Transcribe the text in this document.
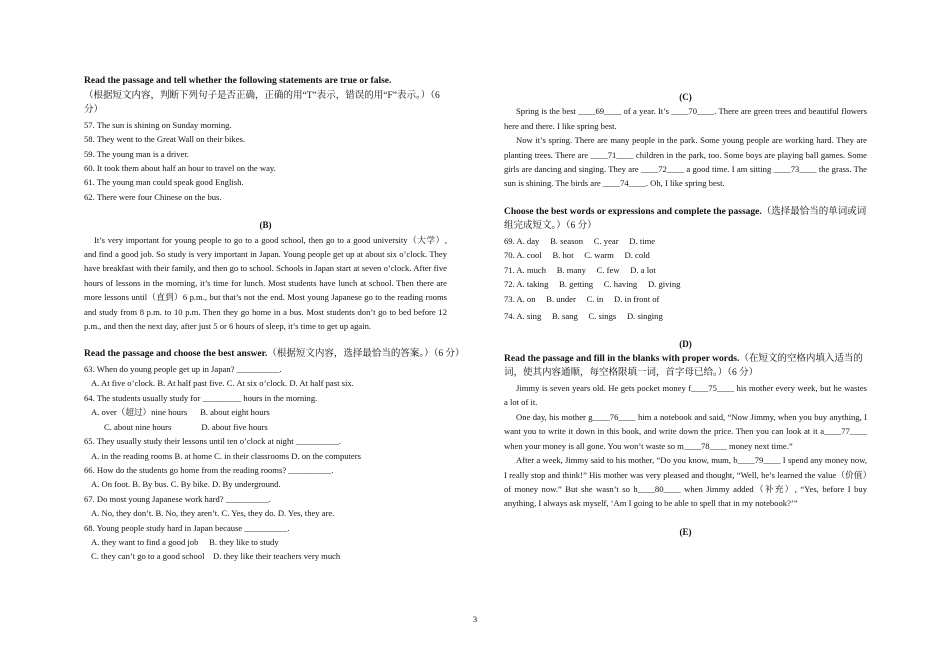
Read the passage and tell whether the following statements are true or false.
（根据短文内容，判断下列句子是否正确，正确的用“T”表示，错误的用“F”表示。）（6 分）
57. The sun is shining on Sunday morning.
58. They went to the Great Wall on their bikes.
59. The young man is a driver.
60. It took them about half an hour to travel on the way.
61. The young man could speak good English.
62. There were four Chinese on the bus.
(B)
It’s very important for young people to go to a good school, then go to a good university（大学）, and find a good job. So study is very important in Japan. Young people get up at about six o’clock. They have breakfast with their family, and then go to school. Schools in Japan start at seven o’clock. After five hours of lessons in the morning, it’s time for lunch. Most students have lunch at school. Then there are more lessons until（直到）6 p.m., but that’s not the end. Most young Japanese go to the reading rooms and study from 8 p.m. to 10 p.m. Then they go home in a bus. Most students don’t go to bed before 12 p.m., and then the next day, after just 5 or 6 hours of sleep, it’s time to get up again.
Read the passage and choose the best answer.（根据短文内容，选择最恰当的答案。）（6 分）
63. When do young people get up in Japan? __________.
A. At five o’clock. B. At half past five. C. At six o’clock. D. At half past six.
64. The students usually study for _________ hours in the morning.
A. over（超过）nine hours      B. about eight hours
C. about nine hours              D. about five hours
65. They usually study their lessons until ten o’clock at night __________.
A. in the reading rooms B. at home C. in their classrooms D. on the computers
66. How do the students go home from the reading rooms? __________.
A. On foot. B. By bus. C. By bike. D. By underground.
67. Do most young Japanese work hard? __________.
A. No, they don’t. B. No, they aren’t. C. Yes, they do. D. Yes, they are.
68. Young people study hard in Japan because __________.
A. they want to find a good job     B. they like to study
C. they can’t go to a good school    D. they like their teachers very much
(C)
Spring is the best ____69____ of a year. It’s ____70____. There are green trees and beautiful flowers here and there. I like spring best.
Now it’s spring. There are many people in the park. Some young people are working hard. They are planting trees. There are ____71____ children in the park, too. Some boys are playing ball games. Some girls are dancing and singing. They are ____72____ a good time. I am sitting ____73____ the grass. The sun is shining. The birds are ____74____. Oh, I like spring best.
Choose the best words or expressions and complete the passage.（选择最恰当的单词或词组完成短文。）（6 分）
69. A. day     B. season     C. year     D. time
70. A. cool     B. hot     C. warm     D. cold
71. A. much     B. many     C. few     D. a lot
72. A. taking     B. getting     C. having     D. giving
73. A. on     B. under     C. in     D. in front of
74. A. sing     B. sang     C. sings     D. singing
(D)
Read the passage and fill in the blanks with proper words.（在短文的空格内填入适当的词，使其内容通顺，每空格限填一词，首字母已给。）（6 分）
Jimmy is seven years old. He gets pocket money f____75____ his mother every week, but he wastes a lot of it.
One day, his mother g____76____ him a notebook and said, “Now Jimmy, when you buy anything, I want you to write it down in this book, and write down the price. Then you can look at it a____77____ when your money is all gone. You won’t waste so m____78____ money next time.”
After a week, Jimmy said to his mother, “Do you know, mum, b____79____ I spend any money now, I really stop and think!” His mother was very pleased and thought, “Well, he’s learned the value（价值）of money now.” But she wasn’t so h____80____ when Jimmy added（补充）, “Yes, before I buy anything, I always ask myself, ‘Am I going to be able to spell that in my notebook?’”
(E)
3
